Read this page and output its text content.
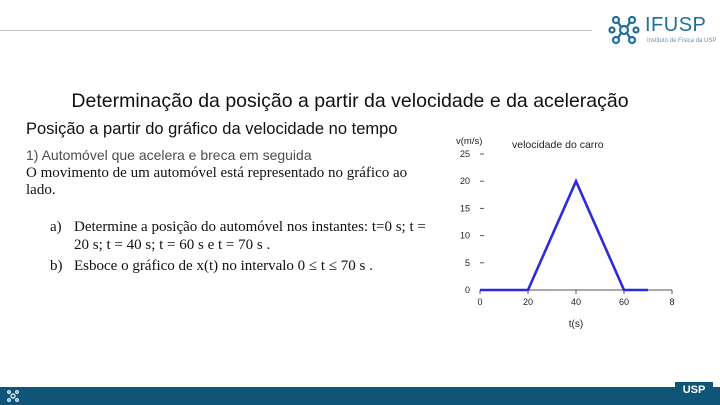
IFUSP
Instituto de Física da USP
Determinação da posição a partir da velocidade e da aceleração
Posição a partir do gráfico da velocidade no tempo
1) Automóvel que acelera e breca em seguida
O movimento de um automóvel está representado no gráfico ao lado.
a) Determine a posição do automóvel nos instantes: t=0 s; t = 20 s; t = 40 s; t = 60 s e t = 70 s .
b) Esboce o gráfico de x(t) no intervalo 0 ≤ t ≤ 70 s .
0
5
10
15
20
25
0	20	40	60	8
v(m/s)	velocidade do carro
t(s)
USP
